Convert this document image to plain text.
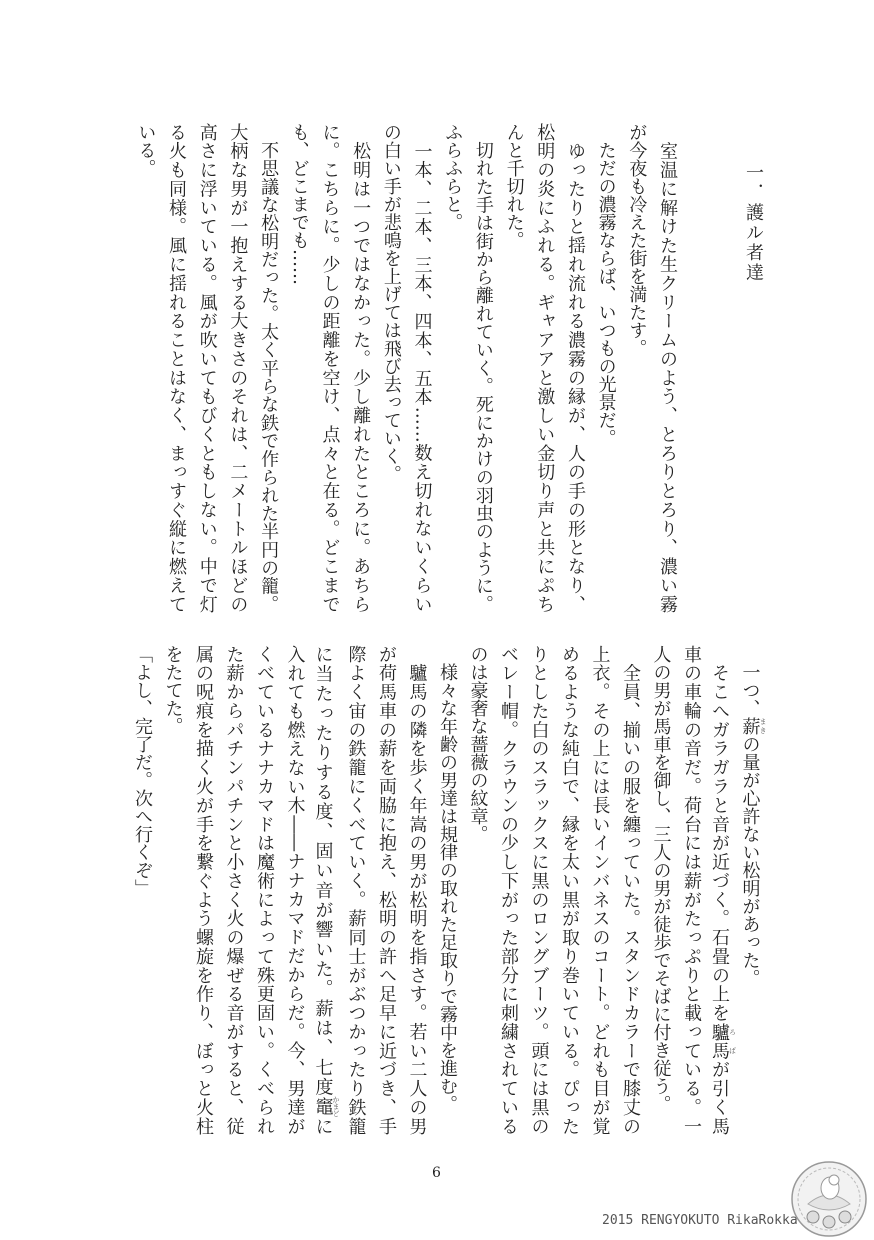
一．護ル者達
　室温に解けた生クリームのよう、とろりとろり、濃い霧
が今夜も冷えた街を満たす。
　ただの濃霧ならば、いつもの光景だ。
　ゆったりと揺れ流れる濃霧の縁が、人の手の形となり、
松明の炎にふれる。ギャアアと激しい金切り声と共にぷち
んと千切れた。
　切れた手は街から離れていく。死にかけの羽虫のように。
ふらふらと。
　一本、二本、三本、四本、五本……数え切れないくらい
の白い手が悲鳴を上げては飛び去っていく。
　松明は一つではなかった。少し離れたところに。あちら
に。こちらに。少しの距離を空け、点々と在る。どこまで
も、どこまでも……
　不思議な松明だった。太く平らな鉄で作られた半円の籠。
大柄な男が一抱えする大きさのそれは、二メートルほどの
高さに浮いている。風が吹いてもびくともしない。中で灯
る火も同様。風に揺れることはなく、まっすぐ縦に燃えて
いる。
　一つ、薪まきの量が心許ない松明があった。
　そこへガラガラと音が近づく。石畳の上を驢馬ろばが引く馬
車の車輪の音だ。荷台には薪がたっぷりと載っている。一
人の男が馬車を御し、三人の男が徒歩でそばに付き従う。
　全員、揃いの服を纏っていた。スタンドカラーで膝丈の
上衣。その上には長いインバネスのコート。どれも目が覚
めるような純白で、縁を太い黒が取り巻いている。ぴった
りとした白のスラックスに黒のロングブーツ。頭には黒の
ベレー帽。クラウンの少し下がった部分に刺繍されている
のは豪奢な薔薇の紋章。
　様々な年齢の男達は規律の取れた足取りで霧中を進む。
　驢馬の隣を歩く年嵩の男が松明を指さす。若い二人の男
が荷馬車の薪を両脇に抱え、松明の許へ足早に近づき、手
際よく宙の鉄籠にくべていく。薪同士がぶつかったり鉄籠
に当たったりする度、固い音が響いた。薪は、七度竈かまどに
入れても燃えない木――ナナカマドだからだ。今、男達が
くべているナナカマドは魔術によって殊更固い。くべられ
た薪からパチンパチンと小さく火の爆ぜる音がすると、従
属の呪痕を描く火が手を繋ぐよう螺旋を作り、ぼっと火柱
をたてた。
「よし、完了だ。次へ行くぞ」
6
2015 RENGYOKUTO RikaRokka
